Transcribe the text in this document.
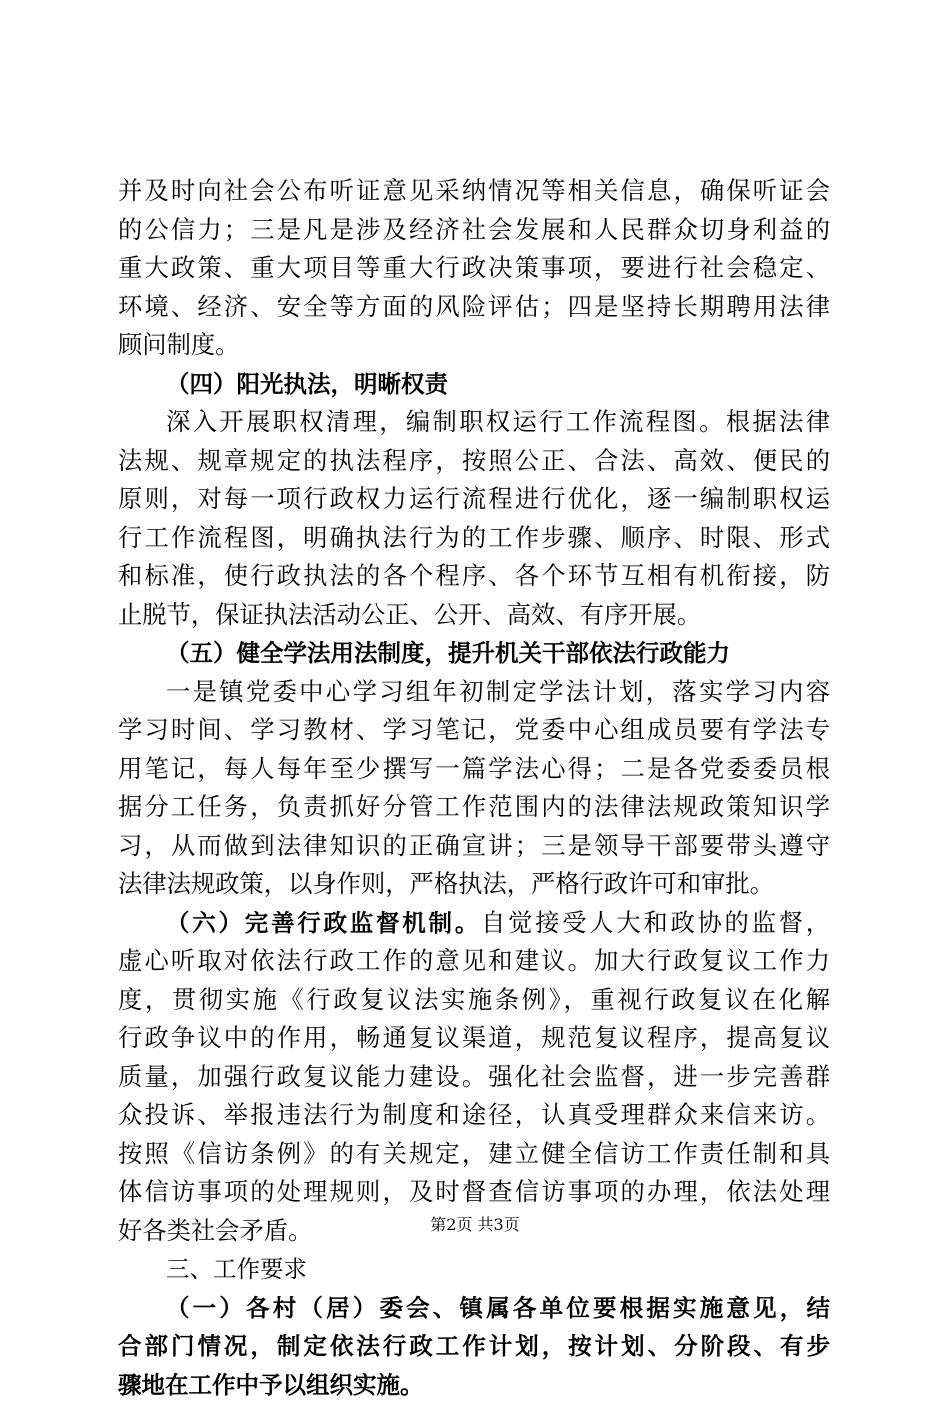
并及时向社会公布听证意见采纳情况等相关信息，确保听证会
的公信力；三是凡是涉及经济社会发展和人民群众切身利益的
重大政策、重大项目等重大行政决策事项，要进行社会稳定、
环境、经济、安全等方面的风险评估；四是坚持长期聘用法律
顾问制度。
（四）阳光执法，明晰权责
深入开展职权清理，编制职权运行工作流程图。根据法律
法规、规章规定的执法程序，按照公正、合法、高效、便民的
原则，对每一项行政权力运行流程进行优化，逐一编制职权运
行工作流程图，明确执法行为的工作步骤、顺序、时限、形式
和标准，使行政执法的各个程序、各个环节互相有机衔接，防
止脱节，保证执法活动公正、公开、高效、有序开展。
（五）健全学法用法制度，提升机关干部依法行政能力
一是镇党委中心学习组年初制定学法计划，落实学习内容
学习时间、学习教材、学习笔记，党委中心组成员要有学法专
用笔记，每人每年至少撰写一篇学法心得；二是各党委委员根
据分工任务，负责抓好分管工作范围内的法律法规政策知识学
习，从而做到法律知识的正确宣讲；三是领导干部要带头遵守
法律法规政策，以身作则，严格执法，严格行政许可和审批。
（六）完善行政监督机制。自觉接受人大和政协的监督，
虚心听取对依法行政工作的意见和建议。加大行政复议工作力
度，贯彻实施《行政复议法实施条例》，重视行政复议在化解
行政争议中的作用，畅通复议渠道，规范复议程序，提高复议
质量，加强行政复议能力建设。强化社会监督，进一步完善群
众投诉、举报违法行为制度和途径，认真受理群众来信来访。
按照《信访条例》的有关规定，建立健全信访工作责任制和具
体信访事项的处理规则，及时督查信访事项的办理，依法处理
好各类社会矛盾。
三、工作要求
（一）各村（居）委会、镇属各单位要根据实施意见，结
合部门情况，制定依法行政工作计划，按计划、分阶段、有步
骤地在工作中予以组织实施。
第2页 共3页
